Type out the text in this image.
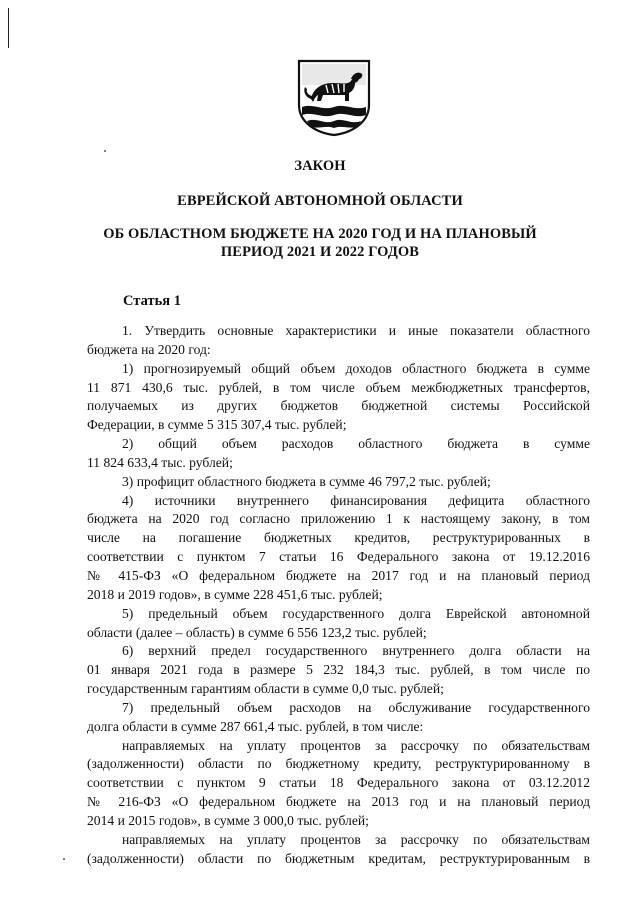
ЗАКОН
ЕВРЕЙСКОЙ АВТОНОМНОЙ ОБЛАСТИ
ОБ ОБЛАСТНОМ БЮДЖЕТЕ НА 2020 ГОД И НА ПЛАНОВЫЙ
ПЕРИОД 2021 И 2022 ГОДОВ
Статья 1
1. Утвердить основные характеристики и иные показатели областного
бюджета на 2020 год:
1) прогнозируемый общий объем доходов областного бюджета в сумме
11 871 430,6 тыс. рублей, в том числе объем межбюджетных трансфертов,
получаемых из других бюджетов бюджетной системы Российской
Федерации, в сумме 5 315 307,4 тыс. рублей;
2) общий объем расходов областного бюджета в сумме
11 824 633,4 тыс. рублей;
3) профицит областного бюджета в сумме 46 797,2 тыс. рублей;
4) источники внутреннего финансирования дефицита областного
бюджета на 2020 год согласно приложению 1 к настоящему закону, в том
числе на погашение бюджетных кредитов, реструктурированных в
соответствии с пунктом 7 статьи 16 Федерального закона от 19.12.2016
№ 415-ФЗ «О федеральном бюджете на 2017 год и на плановый период
2018 и 2019 годов», в сумме 228 451,6 тыс. рублей;
5) предельный объем государственного долга Еврейской автономной
области (далее – область) в сумме 6 556 123,2 тыс. рублей;
6) верхний предел государственного внутреннего долга области на
01 января 2021 года в размере 5 232 184,3 тыс. рублей, в том числе по
государственным гарантиям области в сумме 0,0 тыс. рублей;
7) предельный объем расходов на обслуживание государственного
долга области в сумме 287 661,4 тыс. рублей, в том числе:
направляемых на уплату процентов за рассрочку по обязательствам
(задолженности) области по бюджетному кредиту, реструктурированному в
соответствии с пунктом 9 статьи 18 Федерального закона от 03.12.2012
№ 216-ФЗ «О федеральном бюджете на 2013 год и на плановый период
2014 и 2015 годов», в сумме 3 000,0 тыс. рублей;
направляемых на уплату процентов за рассрочку по обязательствам
(задолженности) области по бюджетным кредитам, реструктурированным в
